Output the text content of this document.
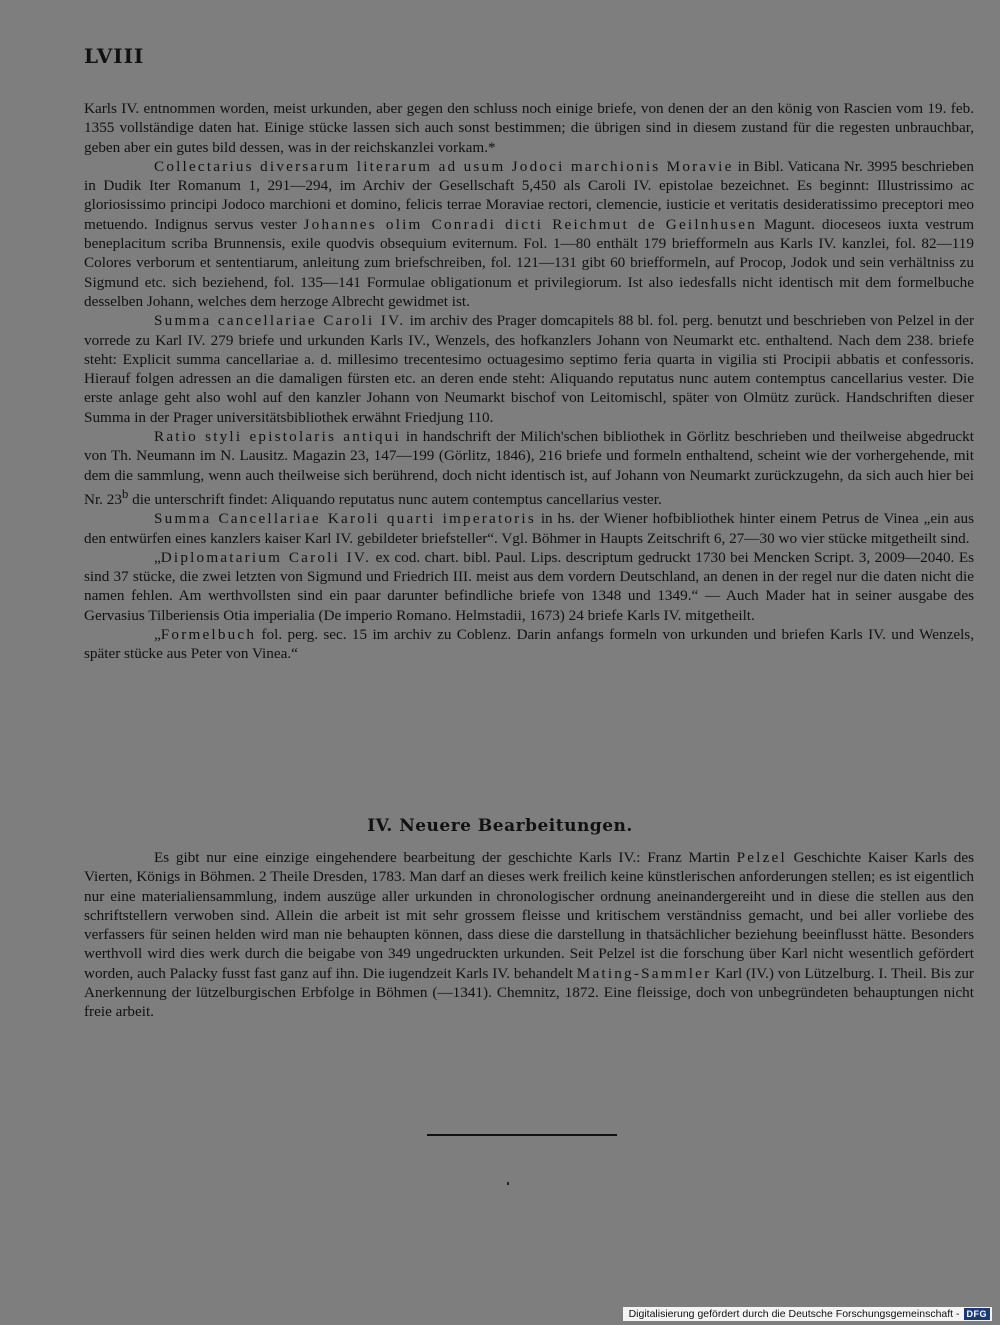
LVIII

Karls IV. entnommen worden, meist urkunden, aber gegen den schluss noch einige briefe, von denen der an den könig von Rascien vom 19. feb. 1355 vollständige daten hat. Einige stücke lassen sich auch sonst bestimmen; die übrigen sind in diesem zustand für die regesten unbrauchbar, geben aber ein gutes bild dessen, was in der reichskanzlei vorkam.*

Collectarius diversarum literarum ad usum Jodoci marchionis Moravie in Bibl. Vaticana Nr. 3995 beschrieben in Dudik Iter Romanum 1, 291—294, im Archiv der Gesellschaft 5,450 als Caroli IV. epistolae bezeichnet. Es beginnt: Illustrissimo ac gloriosissimo principi Jodoco marchioni et domino, felicis terrae Moraviae rectori, clemencie, iusticie et veritatis desideratissimo preceptori meo metuendo. Indignus servus vester Johannes olim Conradi dicti Reichmut de Geilnhusen Magunt. dioceseos iuxta vestrum beneplacitum scriba Brunnensis, exile quodvis obsequium eviternum. Fol. 1—80 enthält 179 briefformeln aus Karls IV. kanzlei, fol. 82—119 Colores verborum et sententiarum, anleitung zum briefschreiben, fol. 121—131 gibt 60 briefformeln, auf Procop, Jodok und sein verhältniss zu Sigmund etc. sich beziehend, fol. 135—141 Formulae obligationum et privilegiorum. Ist also iedesfalls nicht identisch mit dem formelbuche desselben Johann, welches dem herzoge Albrecht gewidmet ist.

Summa cancellariae Caroli IV. im archiv des Prager domcapitels 88 bl. fol. perg. benutzt und beschrieben von Pelzel in der vorrede zu Karl IV. 279 briefe und urkunden Karls IV., Wenzels, des hofkanzlers Johann von Neumarkt etc. enthaltend. Nach dem 238. briefe steht: Explicit summa cancellariae a. d. millesimo trecentesimo octuagesimo septimo feria quarta in vigilia sti Procipii abbatis et confessoris. Hierauf folgen adressen an die damaligen fürsten etc. an deren ende steht: Aliquando reputatus nunc autem contemptus cancellarius vester. Die erste anlage geht also wohl auf den kanzler Johann von Neumarkt bischof von Leitomischl, später von Olmütz zurück. Handschriften dieser Summa in der Prager universitätsbibliothek erwähnt Friedjung 110.

Ratio styli epistolaris antiqui in handschrift der Milich'schen bibliothek in Görlitz beschrieben und theilweise abgedruckt von Th. Neumann im N. Lausitz. Magazin 23, 147—199 (Görlitz, 1846), 216 briefe und formeln enthaltend, scheint wie der vorhergehende, mit dem die sammlung, wenn auch theilweise sich berührend, doch nicht identisch ist, auf Johann von Neumarkt zurückzugehn, da sich auch hier bei Nr. 23$^b$ die unterschrift findet: Aliquando reputatus nunc autem contemptus cancellarius vester.

Summa Cancellariae Karoli quarti imperatoris in hs. der Wiener hofbibliothek hinter einem Petrus de Vinea „ein aus den entwürfen eines kanzlers kaiser Karl IV. gebildeter briefsteller“. Vgl. Böhmer in Haupts Zeitschrift 6, 27—30 wo vier stücke mitgetheilt sind.

„Diplomatarium Caroli IV. ex cod. chart. bibl. Paul. Lips. descriptum gedruckt 1730 bei Mencken Script. 3, 2009—2040. Es sind 37 stücke, die zwei letzten von Sigmund und Friedrich III. meist aus dem vordern Deutschland, an denen in der regel nur die daten nicht die namen fehlen. Am werthvollsten sind ein paar darunter befindliche briefe von 1348 und 1349.“ — Auch Mader hat in seiner ausgabe des Gervasius Tilberiensis Otia imperialia (De imperio Romano. Helmstadii, 1673) 24 briefe Karls IV. mitgetheilt.

„Formelbuch fol. perg. sec. 15 im archiv zu Coblenz. Darin anfangs formeln von urkunden und briefen Karls IV. und Wenzels, später stücke aus Peter von Vinea.“

IV. Neuere Bearbeitungen.

Es gibt nur eine einzige eingehendere bearbeitung der geschichte Karls IV.: Franz Martin Pelzel Geschichte Kaiser Karls des Vierten, Königs in Böhmen. 2 Theile Dresden, 1783. Man darf an dieses werk freilich keine künstlerischen anforderungen stellen; es ist eigentlich nur eine materialiensammlung, indem auszüge aller urkunden in chronologischer ordnung aneinandergereiht und in diese die stellen aus den schriftstellern verwoben sind. Allein die arbeit ist mit sehr grossem fleisse und kritischem verständniss gemacht, und bei aller vorliebe des verfassers für seinen helden wird man nie behaupten können, dass diese die darstellung in thatsächlicher beziehung beeinflusst hätte. Besonders werthvoll wird dies werk durch die beigabe von 349 ungedruckten urkunden. Seit Pelzel ist die forschung über Karl nicht wesentlich gefördert worden, auch Palacky fusst fast ganz auf ihn. Die iugendzeit Karls IV. behandelt Mating-Sammler Karl (IV.) von Lützelburg. I. Theil. Bis zur Anerkennung der lützelburgischen Erbfolge in Böhmen (—1341). Chemnitz, 1872. Eine fleissige, doch von unbegründeten behauptungen nicht freie arbeit.

Digitalisierung gefördert durch die Deutsche Forschungsgemeinschaft - DFG
